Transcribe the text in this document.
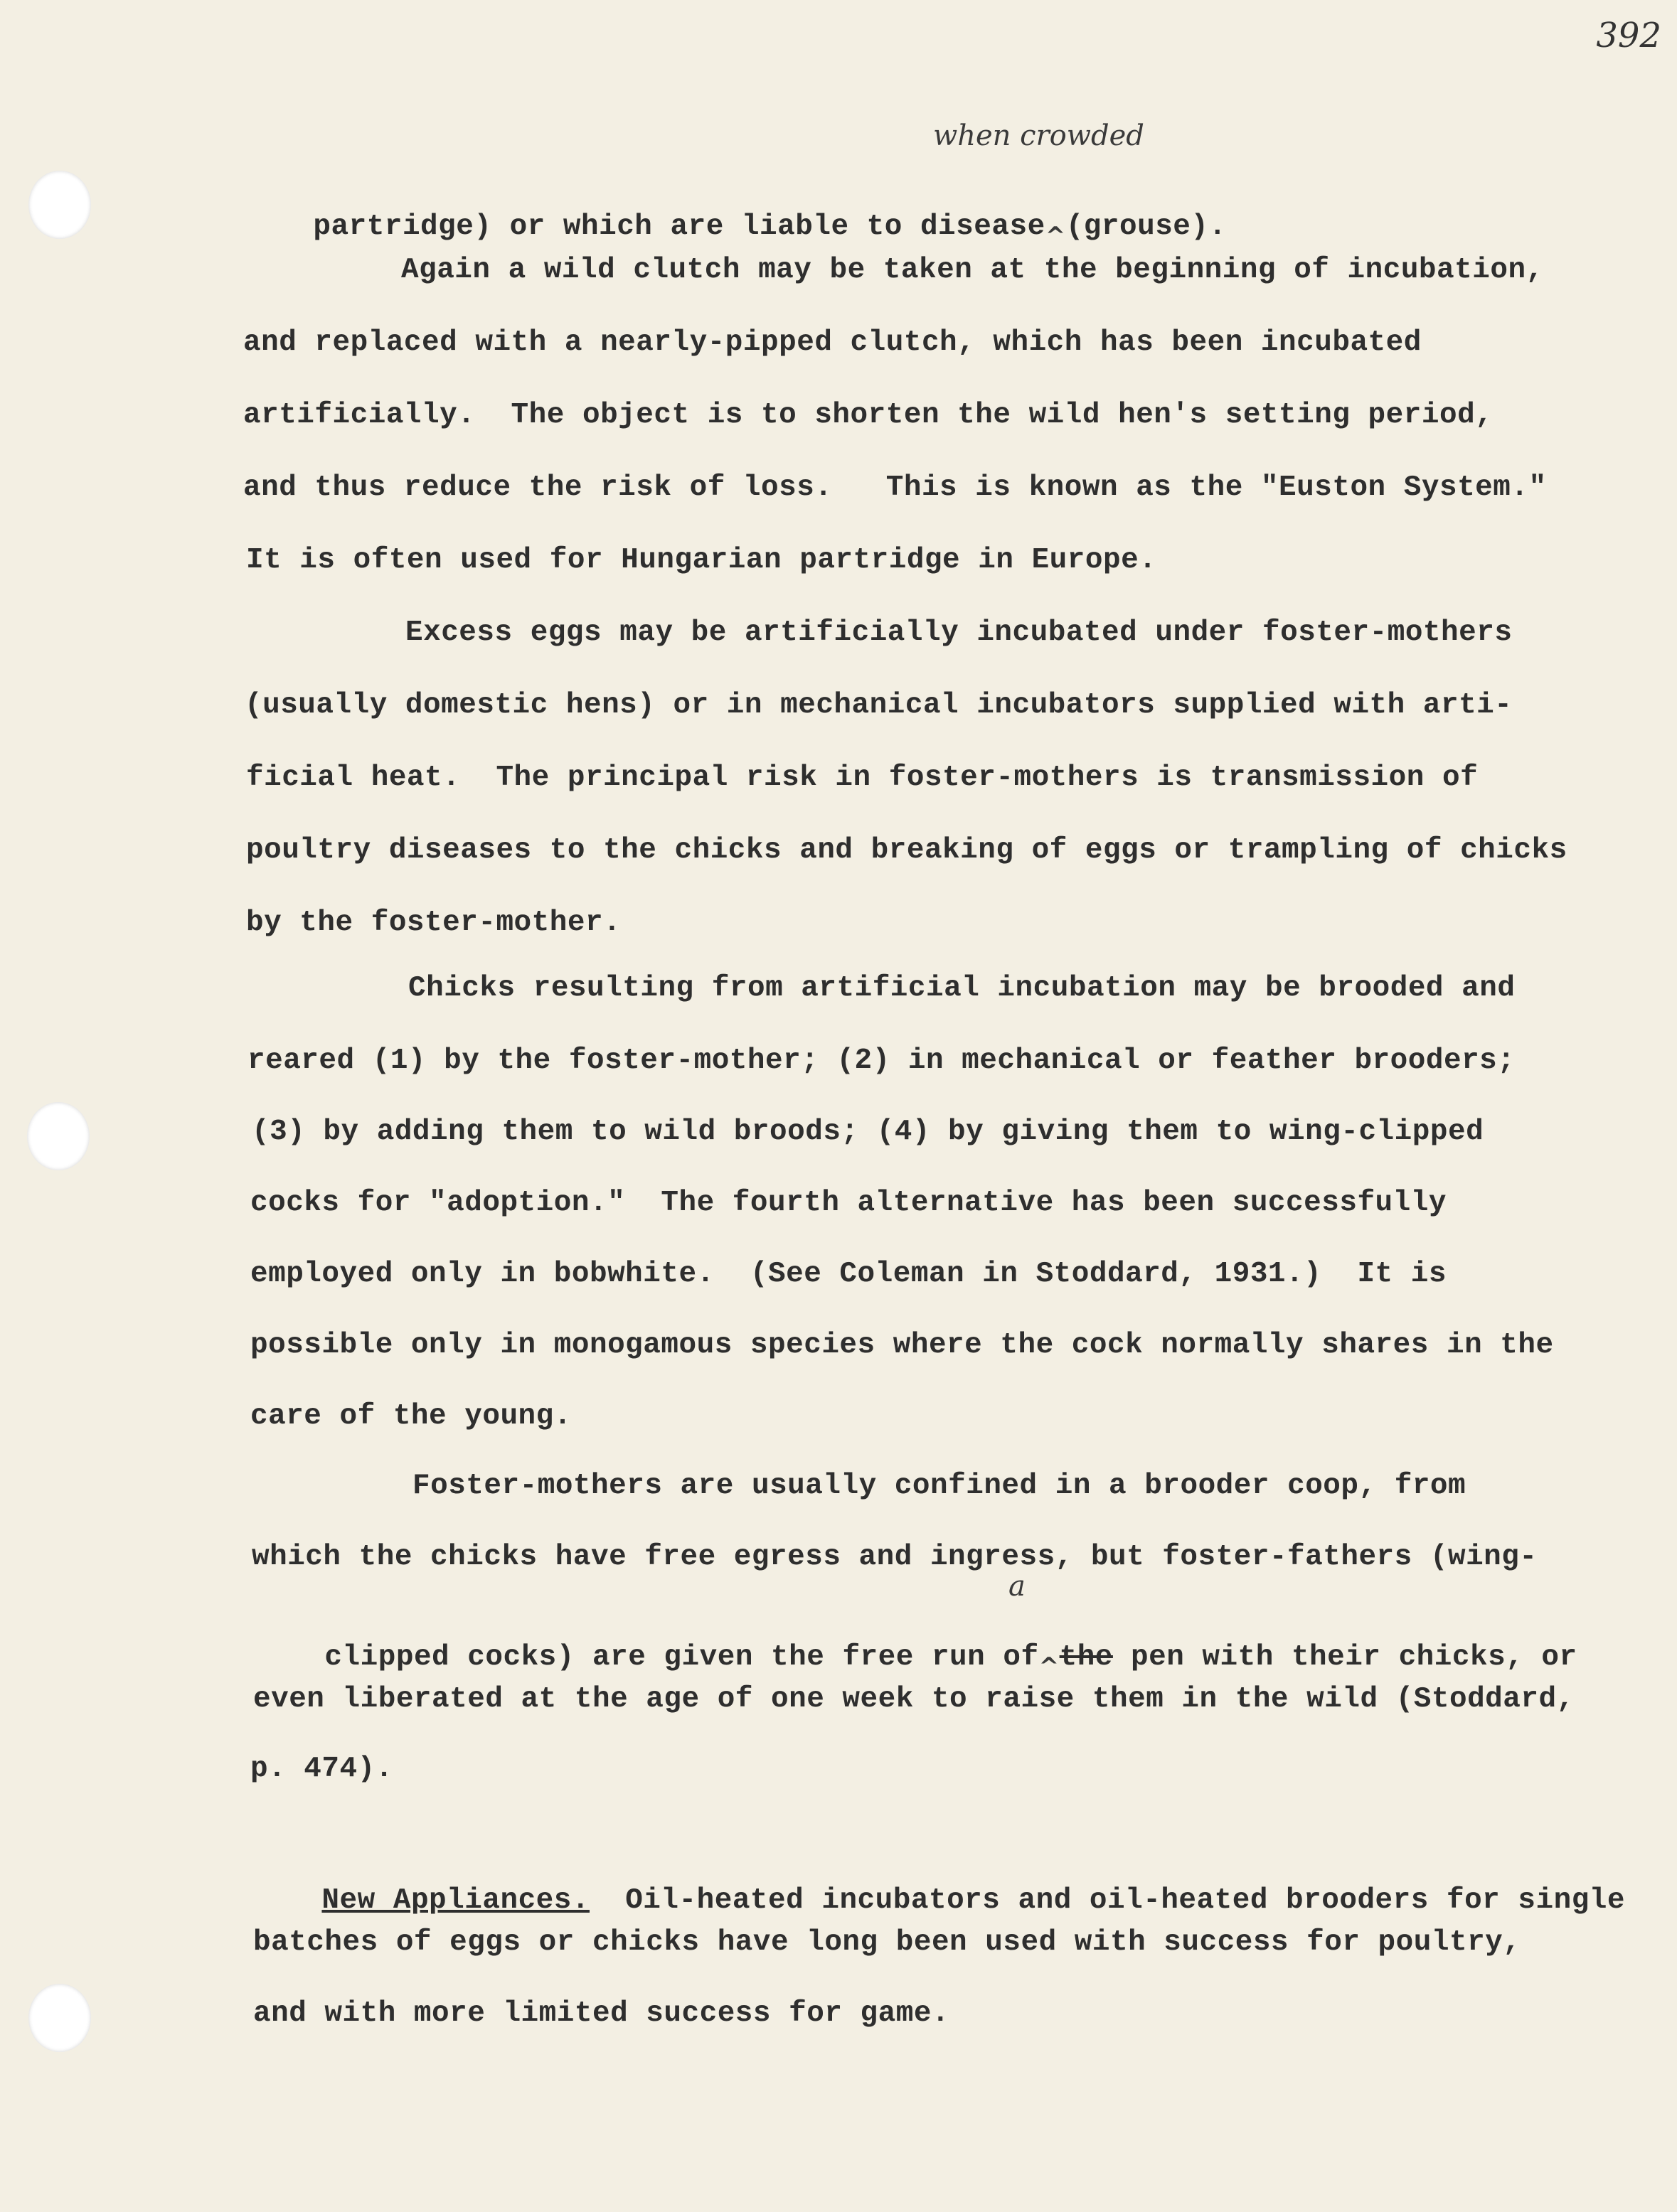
392
when crowded

partridge) or which are liable to disease$_{\^{}}$(grouse).

Again a wild clutch may be taken at the beginning of incubation,
and replaced with a nearly-pipped clutch, which has been incubated
artificially.  The object is to shorten the wild hen's setting period,
and thus reduce the risk of loss.   This is known as the "Euston System."
It is often used for Hungarian partridge in Europe.
Excess eggs may be artificially incubated under foster-mothers
(usually domestic hens) or in mechanical incubators supplied with arti-
ficial heat.  The principal risk in foster-mothers is transmission of
poultry diseases to the chicks and breaking of eggs or trampling of chicks
by the foster-mother.
Chicks resulting from artificial incubation may be brooded and
reared (1) by the foster-mother; (2) in mechanical or feather brooders;
(3) by adding them to wild broods; (4) by giving them to wing-clipped
cocks for "adoption."  The fourth alternative has been successfully
employed only in bobwhite.  (See Coleman in Stoddard, 1931.)  It is
possible only in monogamous species where the cock normally shares in the
care of the young.
Foster-mothers are usually confined in a brooder coop, from
which the chicks have free egress and ingress, but foster-fathers (wing-
a

clipped cocks) are given the free run $of_{\^{}}the$ pen with their chicks, or

even liberated at the age of one week to raise them in the wild (Stoddard,
p. 474).

New Appliances.  Oil-heated incubators and oil-heated brooders for single

batches of eggs or chicks have long been used with success for poultry,
and with more limited success for game.
